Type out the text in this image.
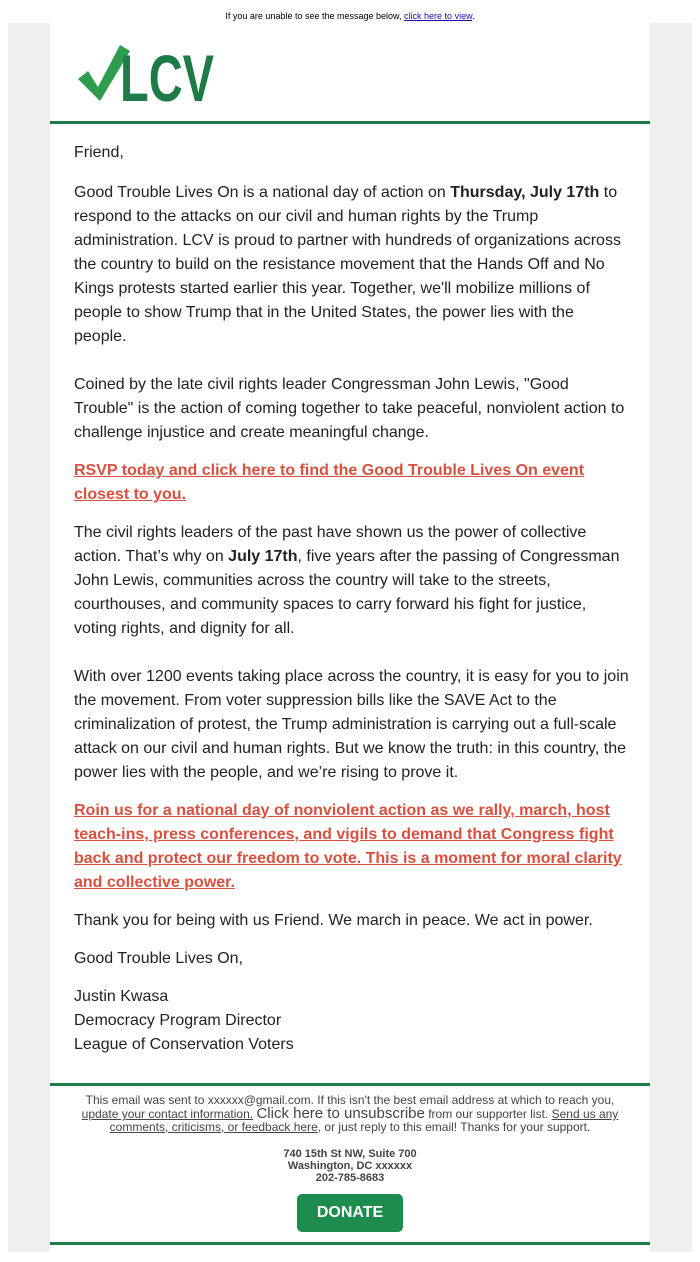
If you are unable to see the message below, click here to view.
LCV

Friend,

Good Trouble Lives On is a national day of action on Thursday, July 17th to respond to the attacks on our civil and human rights by the Trump administration. LCV is proud to partner with hundreds of organizations across the country to build on the resistance movement that the Hands Off and No Kings protests started earlier this year. Together, we'll mobilize millions of people to show Trump that in the United States, the power lies with the people.

Coined by the late civil rights leader Congressman John Lewis, "Good Trouble" is the action of coming together to take peaceful, nonviolent action to challenge injustice and create meaningful change.

RSVP today and click here to find the Good Trouble Lives On event closest to you.

The civil rights leaders of the past have shown us the power of collective action. That’s why on July 17th, five years after the passing of Congressman John Lewis, communities across the country will take to the streets, courthouses, and community spaces to carry forward his fight for justice, voting rights, and dignity for all.

With over 1200 events taking place across the country, it is easy for you to join the movement. From voter suppression bills like the SAVE Act to the criminalization of protest, the Trump administration is carrying out a full-scale attack on our civil and human rights. But we know the truth: in this country, the power lies with the people, and we’re rising to prove it.

Roin us for a national day of nonviolent action as we rally, march, host teach-ins, press conferences, and vigils to demand that Congress fight back and protect our freedom to vote. This is a moment for moral clarity and collective power.

Thank you for being with us Friend. We march in peace. We act in power.

Good Trouble Lives On,

Justin Kwasa
Democracy Program Director
League of Conservation Voters

This email was sent to xxxxxx@gmail.com. If this isn't the best email address at which to reach you,
update your contact information. Click here to unsubscribe from our supporter list. Send us any comments, criticisms, or feedback here, or just reply to this email! Thanks for your support.
740 15th St NW, Suite 700
Washington, DC xxxxxx
202-785-8683
DONATE
